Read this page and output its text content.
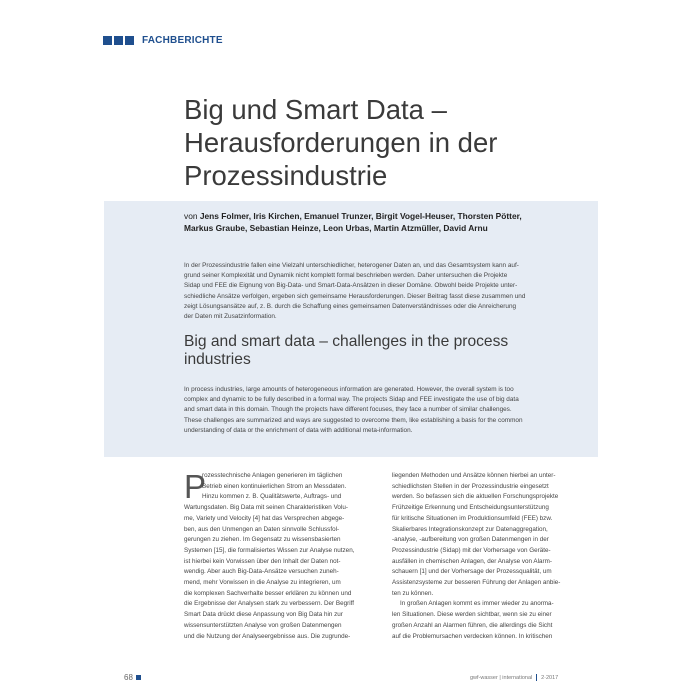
FACHBERICHTE
Big und Smart Data –
Herausforderungen in der
Prozessindustrie
von Jens Folmer, Iris Kirchen, Emanuel Trunzer, Birgit Vogel-Heuser, Thorsten Pötter,
Markus Graube, Sebastian Heinze, Leon Urbas, Martin Atzmüller, David Arnu
In der Prozessindustrie fallen eine Vielzahl unterschiedlicher, heterogener Daten an, und das Gesamtsystem kann auf-
grund seiner Komplexität und Dynamik nicht komplett formal beschrieben werden. Daher untersuchen die Projekte
Sidap und FEE die Eignung von Big-Data- und Smart-Data-Ansätzen in dieser Domäne. Obwohl beide Projekte unter-
schiedliche Ansätze verfolgen, ergeben sich gemeinsame Herausforderungen. Dieser Beitrag fasst diese zusammen und
zeigt Lösungsansätze auf, z. B. durch die Schaffung eines gemeinsamen Datenverständnisses oder die Anreicherung
der Daten mit Zusatzinformation.
Big and smart data – challenges in the process
industries
In process industries, large amounts of heterogeneous information are generated. However, the overall system is too
complex and dynamic to be fully described in a formal way. The projects Sidap and FEE investigate the use of big data
and smart data in this domain. Though the projects have different focuses, they face a number of similar challenges.
These challenges are summarized and ways are suggested to overcome them, like establishing a basis for the common
understanding of data or the enrichment of data with additional meta-information.
P
rozesstechnische Anlagen generieren im täglichen
Betrieb einen kontinuierlichen Strom an Messdaten.
Hinzu kommen z. B. Qualitätswerte, Auftrags- und
Wartungsdaten. Big Data mit seinen Charakteristiken Volu-
me, Variety und Velocity [4] hat das Versprechen abgege-
ben, aus den Unmengen an Daten sinnvolle Schlussfol-
gerungen zu ziehen. Im Gegensatz zu wissensbasierten
Systemen [15], die formalisiertes Wissen zur Analyse nutzen,
ist hierbei kein Vorwissen über den Inhalt der Daten not-
wendig. Aber auch Big-Data-Ansätze versuchen zuneh-
mend, mehr Vorwissen in die Analyse zu integrieren, um
die komplexen Sachverhalte besser erklären zu können und
die Ergebnisse der Analysen stark zu verbessern. Der Begriff
Smart Data drückt diese Anpassung von Big Data hin zur
wissensunterstützten Analyse von großen Datenmengen
und die Nutzung der Analyseergebnisse aus. Die zugrunde-
liegenden Methoden und Ansätze können hierbei an unter-
schiedlichsten Stellen in der Prozessindustrie eingesetzt
werden. So befassen sich die aktuellen Forschungsprojekte
Frühzeitige Erkennung und Entscheidungsunterstützung
für kritische Situationen im Produktionsumfeld (FEE) bzw.
Skalierbares Integrationskonzept zur Datenaggregation,
-analyse, -aufbereitung von großen Datenmengen in der
Prozessindustrie (Sidap) mit der Vorhersage von Geräte-
ausfällen in chemischen Anlagen, der Analyse von Alarm-
schauern [1] und der Vorhersage der Prozessqualität, um
Assistenzsysteme zur besseren Führung der Anlagen anbie-
ten zu können.
In großen Anlagen kommt es immer wieder zu anorma-
len Situationen. Diese werden sichtbar, wenn sie zu einer
großen Anzahl an Alarmen führen, die allerdings die Sicht
auf die Problemursachen verdecken können. In kritischen
68	gwf-wasser | international 2·2017
